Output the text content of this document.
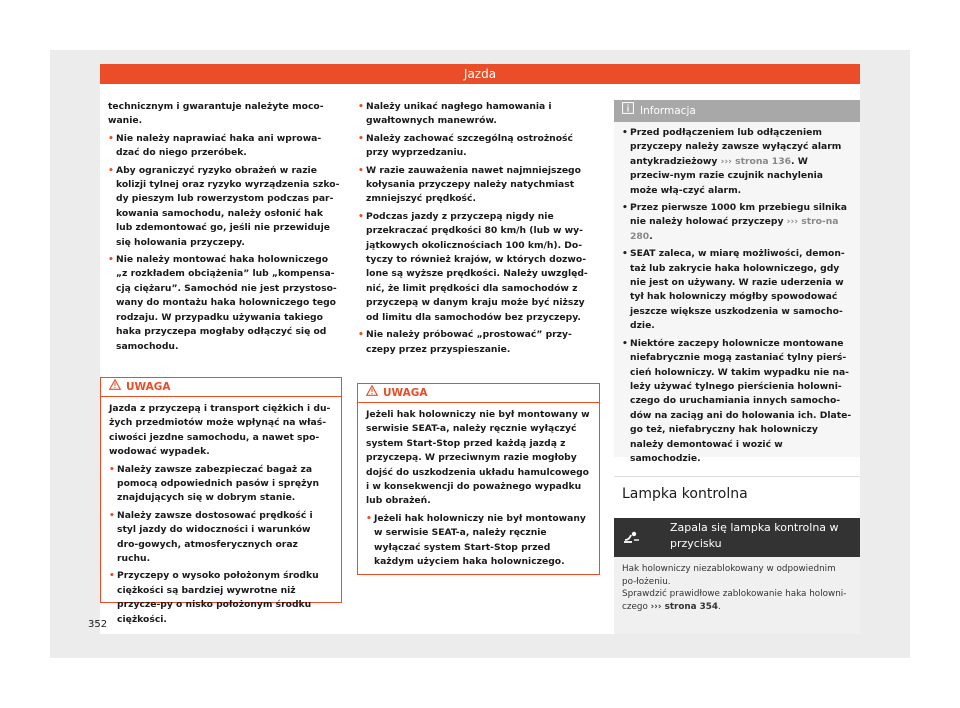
Jazda

technicznym i gwarantuje należyte moco-wanie.

• Nie należy naprawiać haka ani wprowa-dzać do niego przeróbek.
• Aby ograniczyć ryzyko obrażeń w razie kolizji tylnej oraz ryzyko wyrządzenia szko-dy pieszym lub rowerzystom podczas par-kowania samochodu, należy osłonić hak lub zdemontować go, jeśli nie przewiduje się holowania przyczepy.
• Nie należy montować haka holowniczego „z rozkładem obciążenia” lub „kompensa-cją ciężaru”. Samochód nie jest przystoso-wany do montażu haka holowniczego tego rodzaju. W przypadku używania takiego haka przyczepa mogłaby odłączyć się od samochodu.
UWAGA

Jazda z przyczepą i transport ciężkich i du-żych przedmiotów może wpłynąć na właś-ciwości jezdne samochodu, a nawet spo-wodować wypadek.

• Należy zawsze zabezpieczać bagaż za pomocą odpowiednich pasów i sprężyn znajdujących się w dobrym stanie.
• Należy zawsze dostosować prędkość i styl jazdy do widoczności i warunków dro-gowych, atmosferycznych oraz ruchu.
• Przyczepy o wysoko położonym środku ciężkości są bardziej wywrotne niż przycze-py o nisko położonym środku ciężkości.
• Należy unikać nagłego hamowania i gwałtownych manewrów.
• Należy zachować szczególną ostrożność przy wyprzedzaniu.
• W razie zauważenia nawet najmniejszego kołysania przyczepy należy natychmiast zmniejszyć prędkość.
• Podczas jazdy z przyczepą nigdy nie przekraczać prędkości 80 km/h (lub w wy-jątkowych okolicznościach 100 km/h). Do-tyczy to również krajów, w których dozwo-lone są wyższe prędkości. Należy uwzględ-nić, że limit prędkości dla samochodów z przyczepą w danym kraju może być niższy od limitu dla samochodów bez przyczepy.
• Nie należy próbować „prostować” przy-czepy przez przyspieszanie.
UWAGA

Jeżeli hak holowniczy nie był montowany w serwisie SEAT-a, należy ręcznie wyłączyć system Start-Stop przed każdą jazdą z przyczepą. W przeciwnym razie mogłoby dojść do uszkodzenia układu hamulcowego i w konsekwencji do poważnego wypadku lub obrażeń.

• Jeżeli hak holowniczy nie był montowany w serwisie SEAT-a, należy ręcznie wyłączać system Start-Stop przed każdym użyciem haka holowniczego.
Informacja
• Przed podłączeniem lub odłączeniem przyczepy należy zawsze wyłączyć alarm antykradzieżowy ››› strona 136. W przeciw-nym razie czujnik nachylenia może włą-czyć alarm.
• Przez pierwsze 1000 km przebiegu silnika nie należy holować przyczepy ››› stro-na 280.
• SEAT zaleca, w miarę możliwości, demon-taż lub zakrycie haka holowniczego, gdy nie jest on używany. W razie uderzenia w tył hak holowniczy mógłby spowodować jeszcze większe uszkodzenia w samocho-dzie.
• Niektóre zaczepy holownicze montowane niefabrycznie mogą zastaniać tylny pierś-cień holowniczy. W takim wypadku nie na-leży używać tylnego pierścienia holowni-czego do uruchamiania innych samocho-dów na zaciąg ani do holowania ich. Dlate-go też, niefabryczny hak holowniczy należy demontować i wozić w samochodzie.
Lampka kontrolna
Zapala się lampka kontrolna w przycisku
Hak holowniczy niezablokowany w odpowiednim po-łożeniu.
Sprawdzić prawidłowe zablokowanie haka holowni-czego ››› strona 354.
352
